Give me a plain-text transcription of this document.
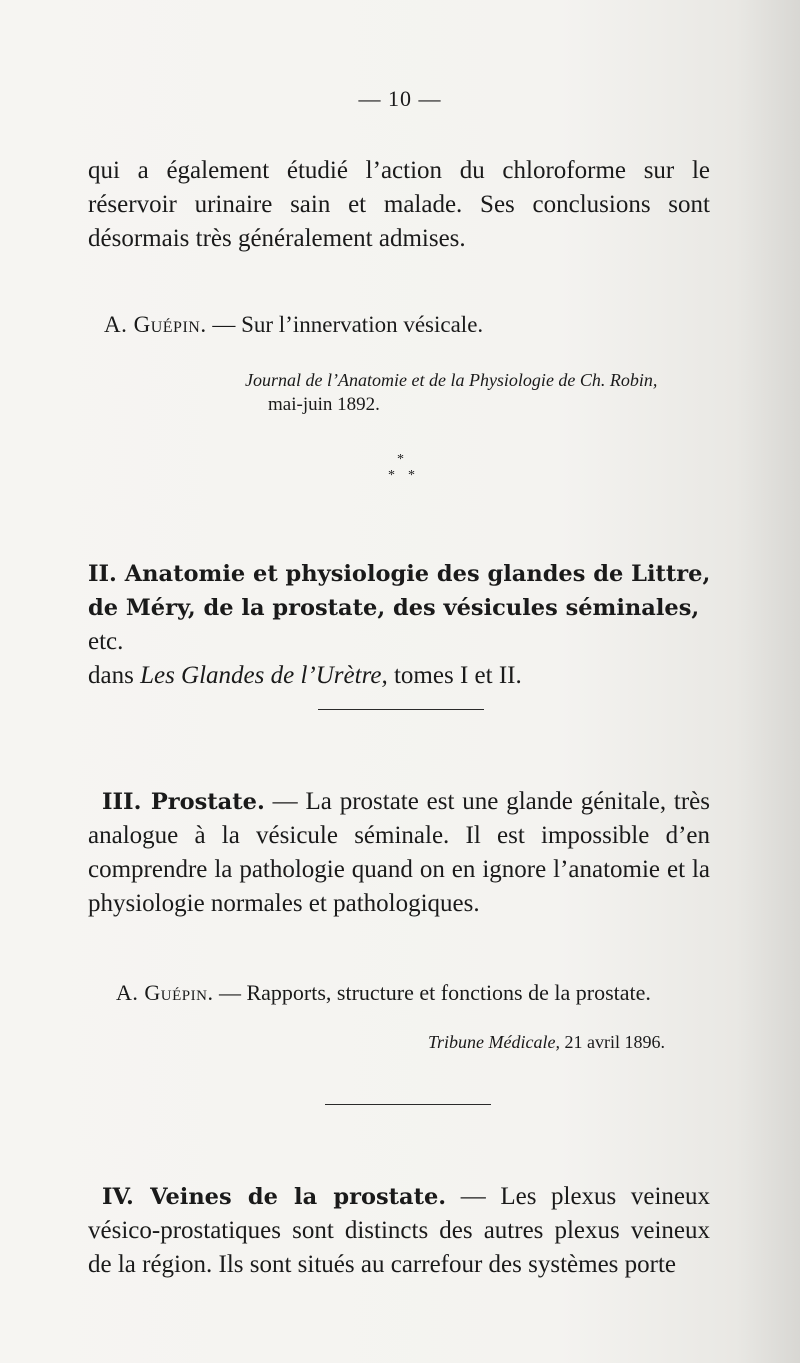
— 10 —
qui a également étudié l’action du chloroforme sur le réservoir urinaire sain et malade. Ses conclusions sont désormais très généralement admises.
A. Guépin. — Sur l’innervation vésicale.
Journal de l’Anatomie et de la Physiologie de Ch. Robin,
mai-juin 1892.
*
* *
II. Anatomie et physiologie des glandes de Littre, de Méry, de la prostate, des vésicules séminales, etc.
dans Les Glandes de l’Urètre, tomes I et II.
III. Prostate. — La prostate est une glande génitale, très analogue à la vésicule séminale. Il est impossible d’en comprendre la pathologie quand on en ignore l’anatomie et la physiologie normales et pathologiques.
A. Guépin. — Rapports, structure et fonctions de la prostate.
Tribune Médicale, 21 avril 1896.
IV. Veines de la prostate. — Les plexus veineux vésico-prostatiques sont distincts des autres plexus veineux de la région. Ils sont situés au carrefour des systèmes porte
